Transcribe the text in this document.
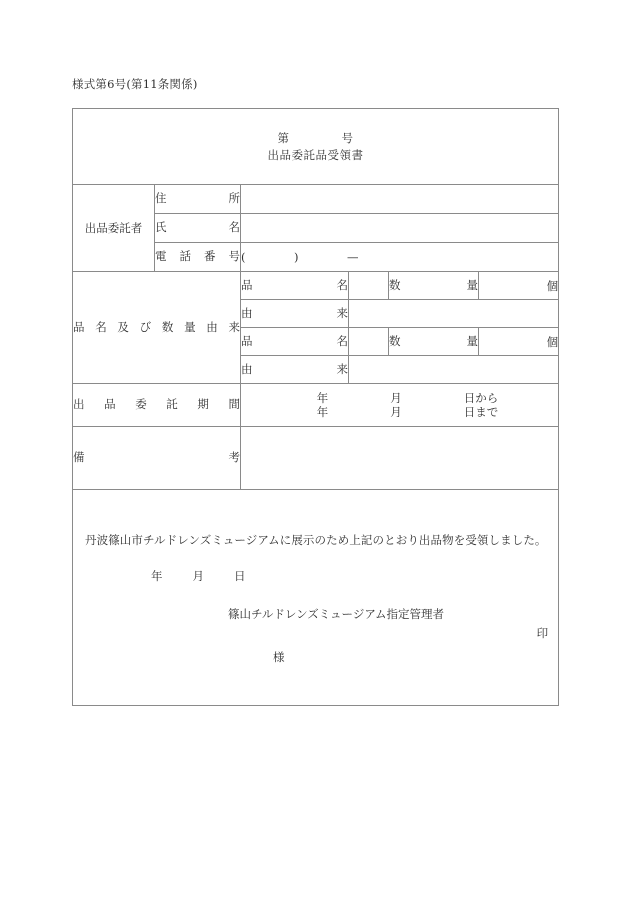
様式第6号(第11条関係)
第 号
出品委託品受領書					

出品委託者	住所				
	氏名				
	電話番号	(　　　　)　　　　—			
品名及び数量由来		品名		数量	個
		由来			
		品名		数量	個
		由来			
出品委託期間		年 月 日から
年 月 日まで			
備考					

丹波篠山市チルドレンズミュージアムに展示のため上記のとおり出品物を受領しました。

年 月 日
篠山チルドレンズミュージアム指定管理者
印
様					
